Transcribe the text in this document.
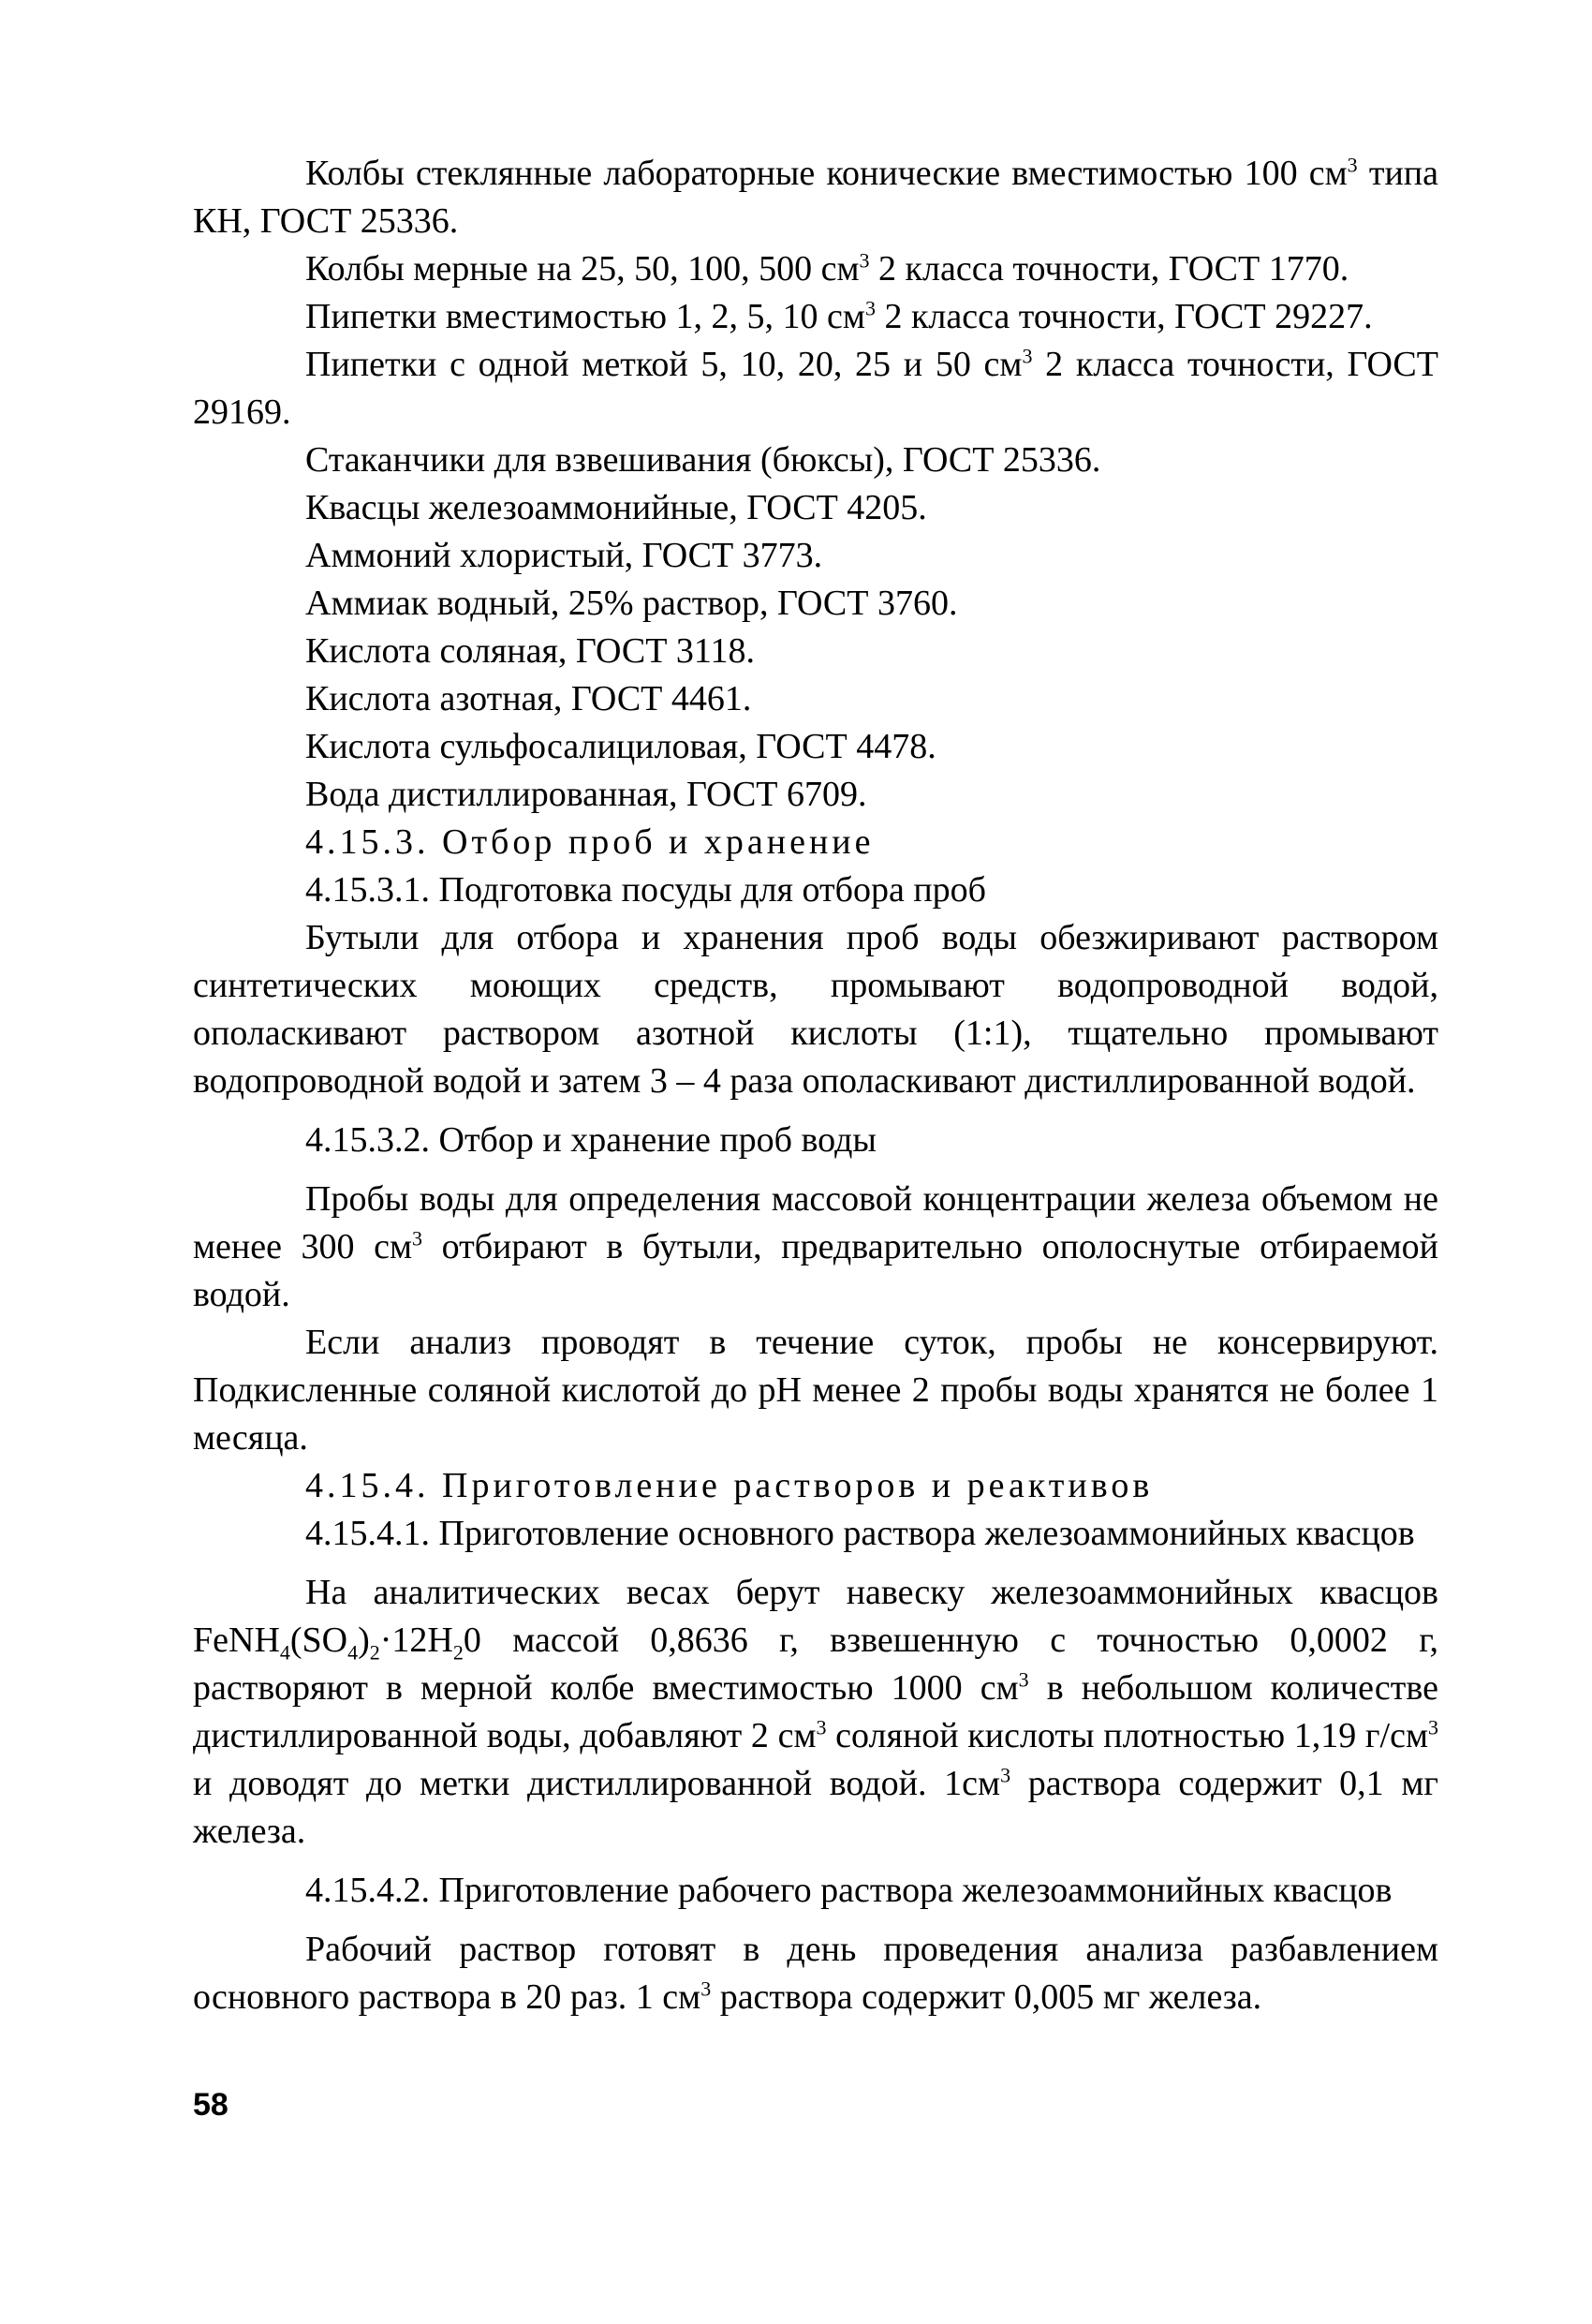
Колбы стеклянные лабораторные конические вместимостью 100 $см^3$ типа КН, ГОСТ 25336.

Колбы мерные на 25, 50, 100, 500 $см^3$ 2 класса точности, ГОСТ 1770.

Пипетки вместимостью 1, 2, 5, 10 $см^3$ 2 класса точности, ГОСТ 29227.

Пипетки с одной меткой 5, 10, 20, 25 и 50 $см^3$ 2 класса точности, ГОСТ 29169.

Стаканчики для взвешивания (бюксы), ГОСТ 25336.

Квасцы железоаммонийные, ГОСТ 4205.

Аммоний хлористый, ГОСТ 3773.

Аммиак водный, 25% раствор, ГОСТ 3760.

Кислота соляная, ГОСТ 3118.

Кислота азотная, ГОСТ 4461.

Кислота сульфосалициловая, ГОСТ 4478.

Вода дистиллированная, ГОСТ 6709.

4.15.3. Отбор проб и хранение

4.15.3.1. Подготовка посуды для отбора проб

Бутыли для отбора и хранения проб воды обезжиривают раствором синтетических моющих средств, промывают водопроводной водой, ополаскивают раствором азотной кислоты (1:1), тщательно промывают водопроводной водой и затем 3 – 4 раза ополаскивают дистиллированной водой.

4.15.3.2. Отбор и хранение проб воды

Пробы воды для определения массовой концентрации железа объемом не менее 300 $см^3$ отбирают в бутыли, предварительно ополоснутые отбираемой водой.

Если анализ проводят в течение суток, пробы не консервируют. Подкисленные соляной кислотой до pH менее 2 пробы воды хранятся не более 1 месяца.

4.15.4. Приготовление растворов и реактивов

4.15.4.1. Приготовление основного раствора железоаммонийных квасцов

На аналитических весах берут навеску железоаммонийных квасцов $FeNH_4(SO_4)_2\cdot 12H_20$ массой 0,8636 г, взвешенную с точностью 0,0002 г, растворяют в мерной колбе вместимостью 1000 $см^3$ в небольшом количестве дистиллированной воды, добавляют 2 $см^3$ соляной кислоты плотностью 1,19 $г/см^3$ и доводят до метки дистиллированной водой. $1см^3$ раствора содержит 0,1 мг железа.

4.15.4.2. Приготовление рабочего раствора железоаммонийных квасцов

Рабочий раствор готовят в день проведения анализа разбавлением основного раствора в 20 раз. 1 $см^3$ раствора содержит 0,005 мг железа.

58
